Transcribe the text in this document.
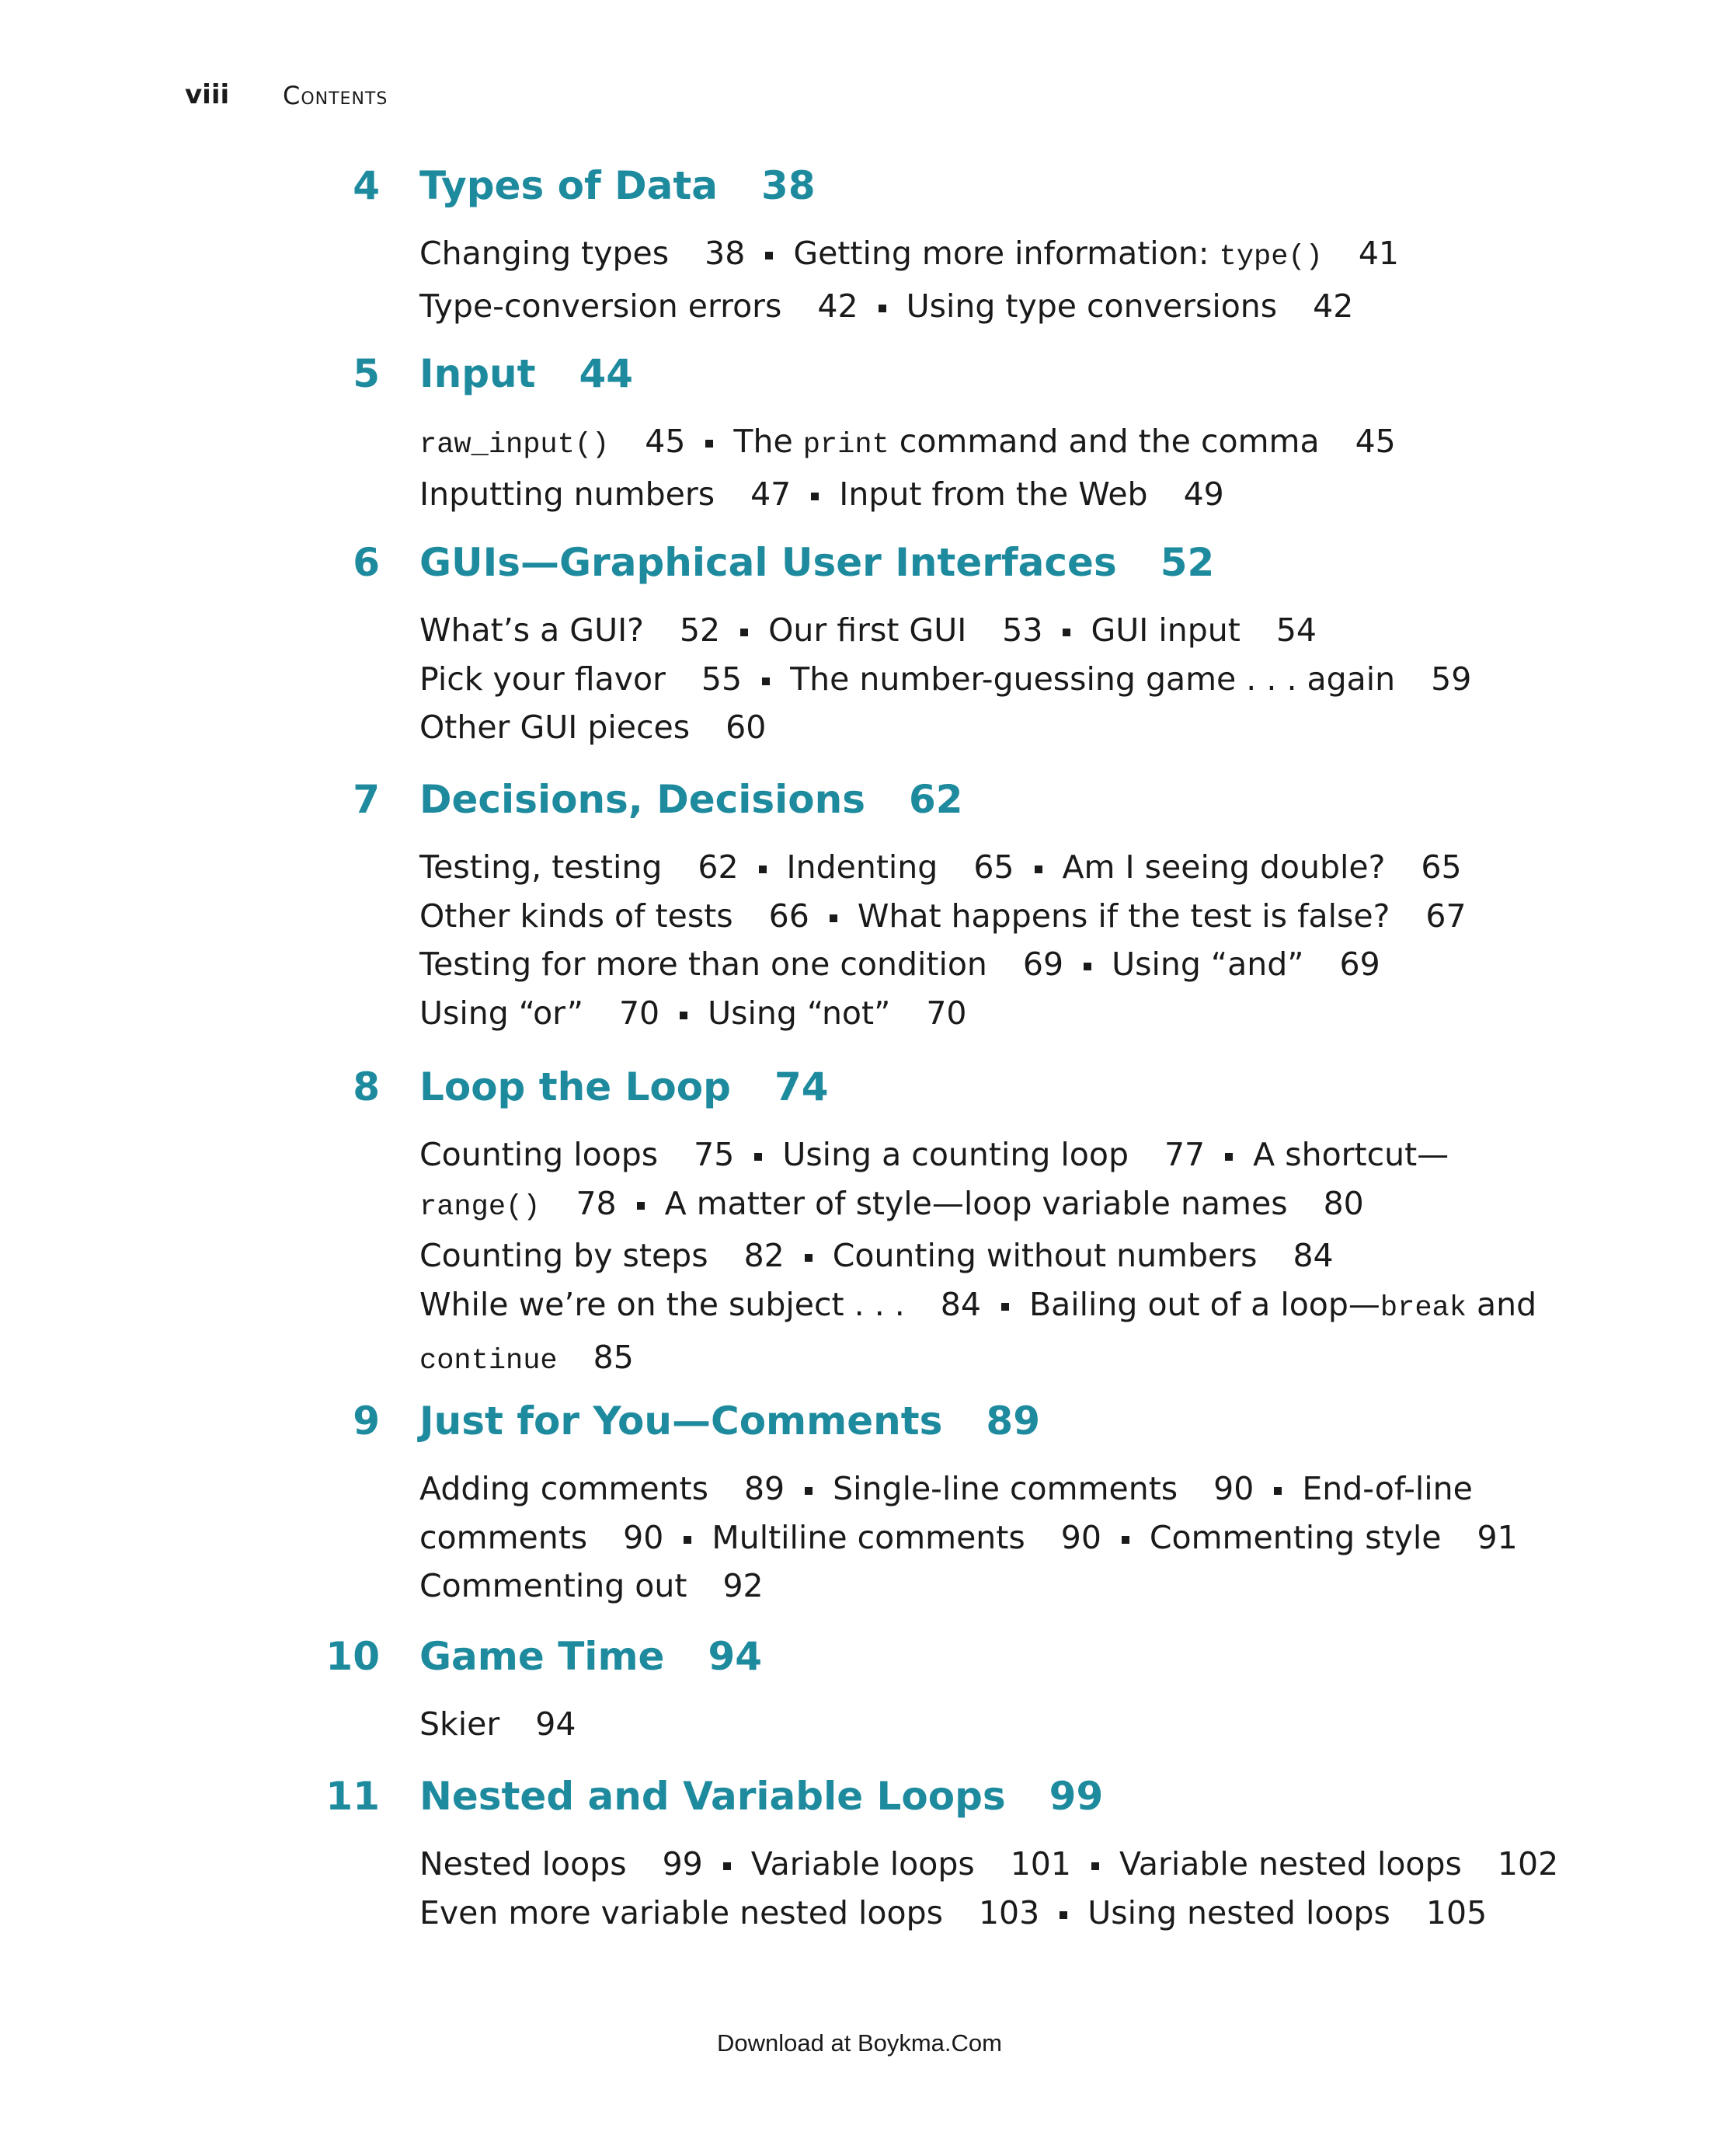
viii Contents
4 Types of Data 38
Changing types 38 Getting more information: type() 41
Type-conversion errors 42 Using type conversions 42
5 Input 44
raw_input() 45 The print command and the comma 45
Inputting numbers 47 Input from the Web 49
6 GUIs—Graphical User Interfaces 52
What’s a GUI? 52 Our first GUI 53 GUI input 54
Pick your flavor 55 The number-guessing game . . . again 59
Other GUI pieces 60
7 Decisions, Decisions 62
Testing, testing 62 Indenting 65 Am I seeing double? 65
Other kinds of tests 66 What happens if the test is false? 67
Testing for more than one condition 69 Using “and” 69
Using “or” 70 Using “not” 70
8 Loop the Loop 74
Counting loops 75 Using a counting loop 77 A shortcut—
range() 78 A matter of style—loop variable names 80
Counting by steps 82 Counting without numbers 84
While we’re on the subject . . . 84 Bailing out of a loop—break and
continue 85
9 Just for You—Comments 89
Adding comments 89 Single-line comments 90 End-of-line
comments 90 Multiline comments 90 Commenting style 91
Commenting out 92
10 Game Time 94
Skier 94
11 Nested and Variable Loops 99
Nested loops 99 Variable loops 101 Variable nested loops 102
Even more variable nested loops 103 Using nested loops 105
Download at Boykma.Com
